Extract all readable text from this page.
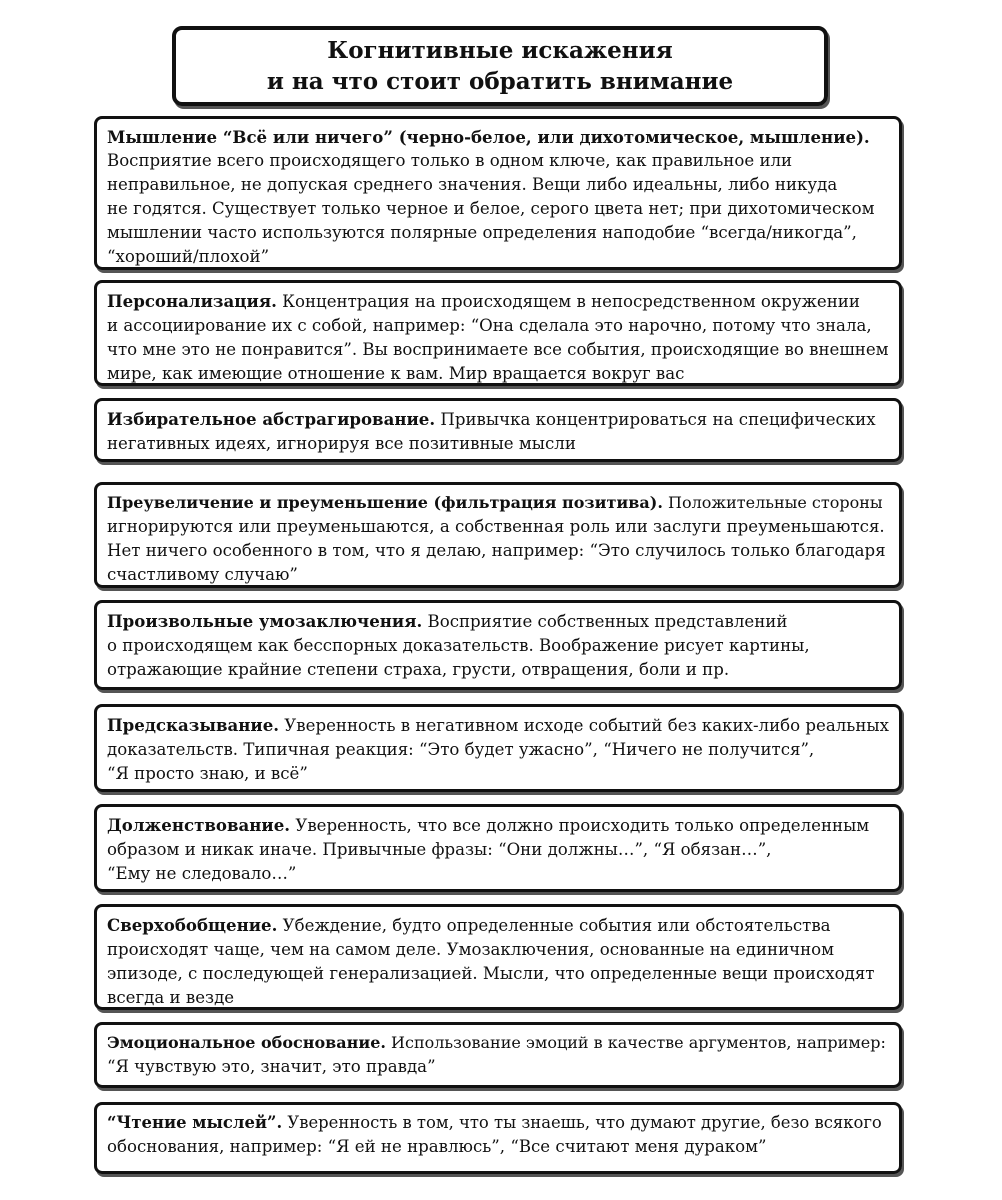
Когнитивные искажения
и на что стоит обратить внимание
Мышление “Всё или ничего” (черно-белое, или дихотомическое, мышление).
Восприятие всего происходящего только в одном ключе, как правильное или
неправильное, не допуская среднего значения. Вещи либо идеальны, либо никуда
не годятся. Существует только черное и белое, серого цвета нет; при дихотомическом
мышлении часто используются полярные определения наподобие “всегда/никогда”,
“хороший/плохой”
Персонализация. Концентрация на происходящем в непосредственном окружении
и ассоциирование их с собой, например: “Она сделала это нарочно, потому что знала,
что мне это не понравится”. Вы воспринимаете все события, происходящие во внешнем
мире, как имеющие отношение к вам. Мир вращается вокруг вас
Избирательное абстрагирование. Привычка концентрироваться на специфических
негативных идеях, игнорируя все позитивные мысли
Преувеличение и преуменьшение (фильтрация позитива). Положительные стороны
игнорируются или преуменьшаются, а собственная роль или заслуги преуменьшаются.
Нет ничего особенного в том, что я делаю, например: “Это случилось только благодаря
счастливому случаю”
Произвольные умозаключения. Восприятие собственных представлений
о происходящем как бесспорных доказательств. Воображение рисует картины,
отражающие крайние степени страха, грусти, отвращения, боли и пр.
Предсказывание. Уверенность в негативном исходе событий без каких-либо реальных
доказательств. Типичная реакция: “Это будет ужасно”, “Ничего не получится”,
“Я просто знаю, и всё”
Долженствование. Уверенность, что все должно происходить только определенным
образом и никак иначе. Привычные фразы: “Они должны…”, “Я обязан…”,
“Ему не следовало…”
Сверхобобщение. Убеждение, будто определенные события или обстоятельства
происходят чаще, чем на самом деле. Умозаключения, основанные на единичном
эпизоде, с последующей генерализацией. Мысли, что определенные вещи происходят
всегда и везде
Эмоциональное обоснование. Использование эмоций в качестве аргументов, например:
“Я чувствую это, значит, это правда”
“Чтение мыслей”. Уверенность в том, что ты знаешь, что думают другие, безо всякого
обоснования, например: “Я ей не нравлюсь”, “Все считают меня дураком”
